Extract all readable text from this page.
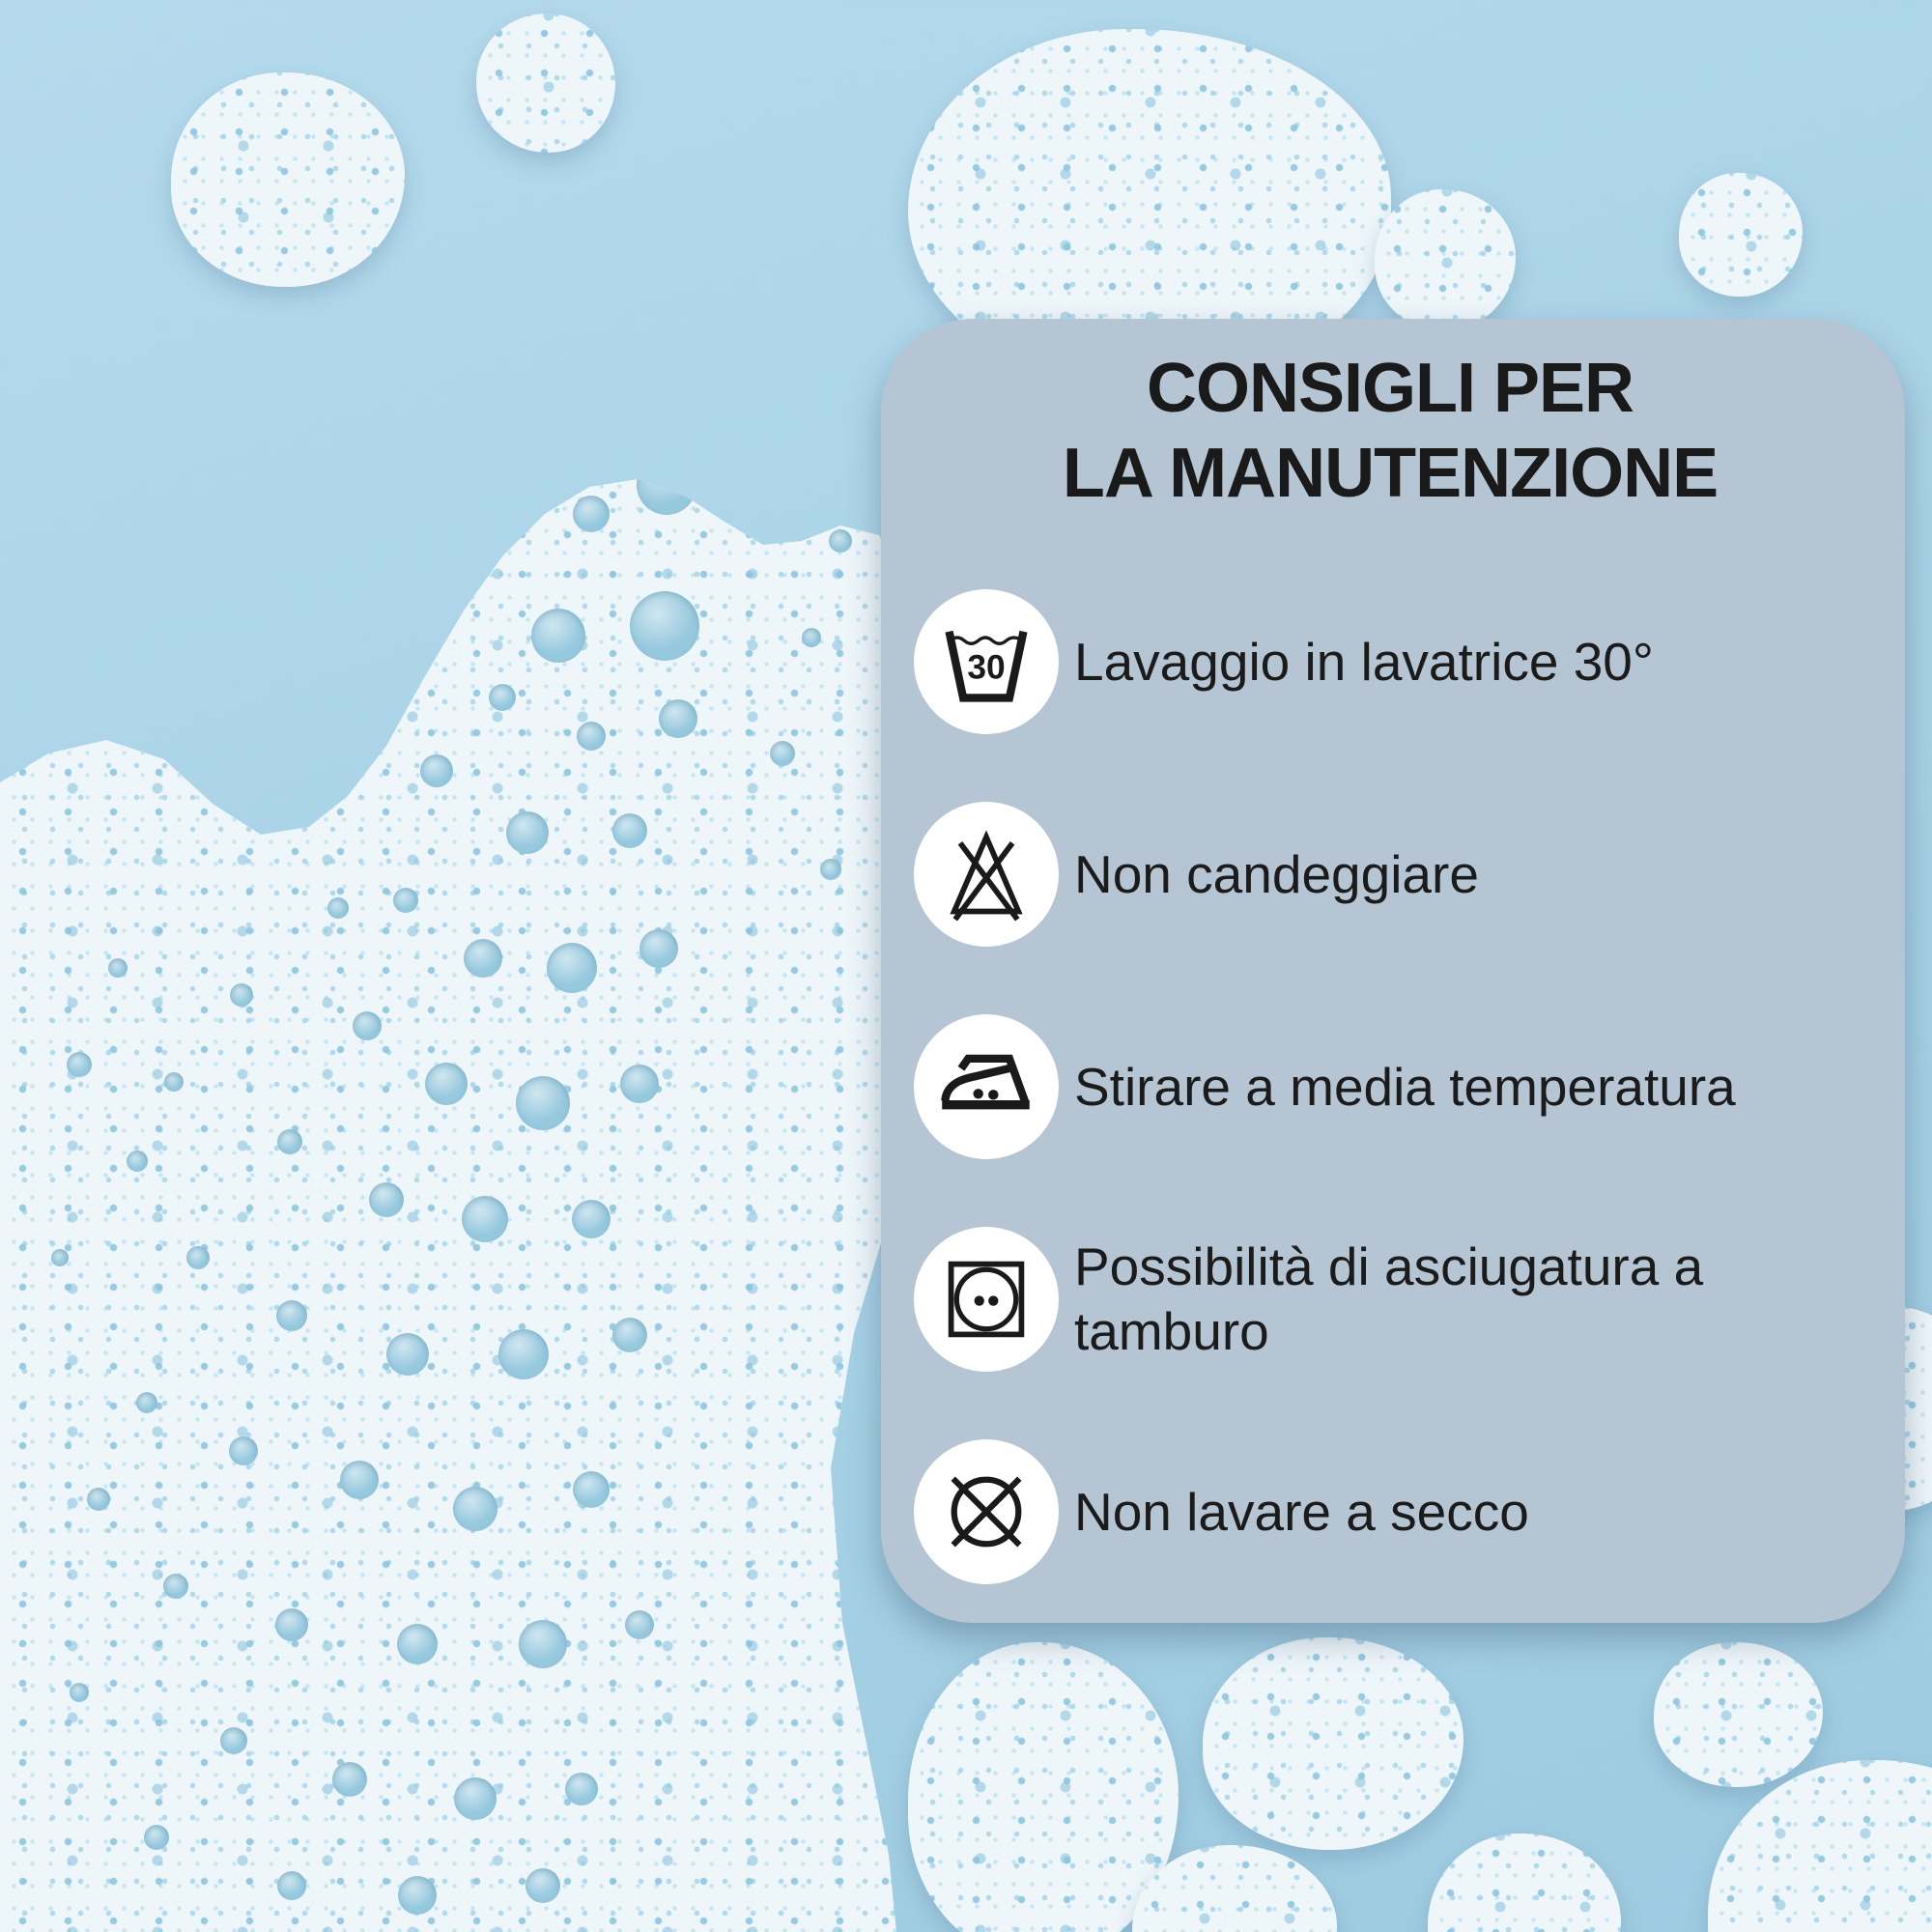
CONSIGLI PER
LA MANUTENZIONE
30 Lavaggio in lavatrice 30°
Non candeggiare
Stirare a media temperatura
Possibilità di asciugatura a tamburo
Non lavare a secco
